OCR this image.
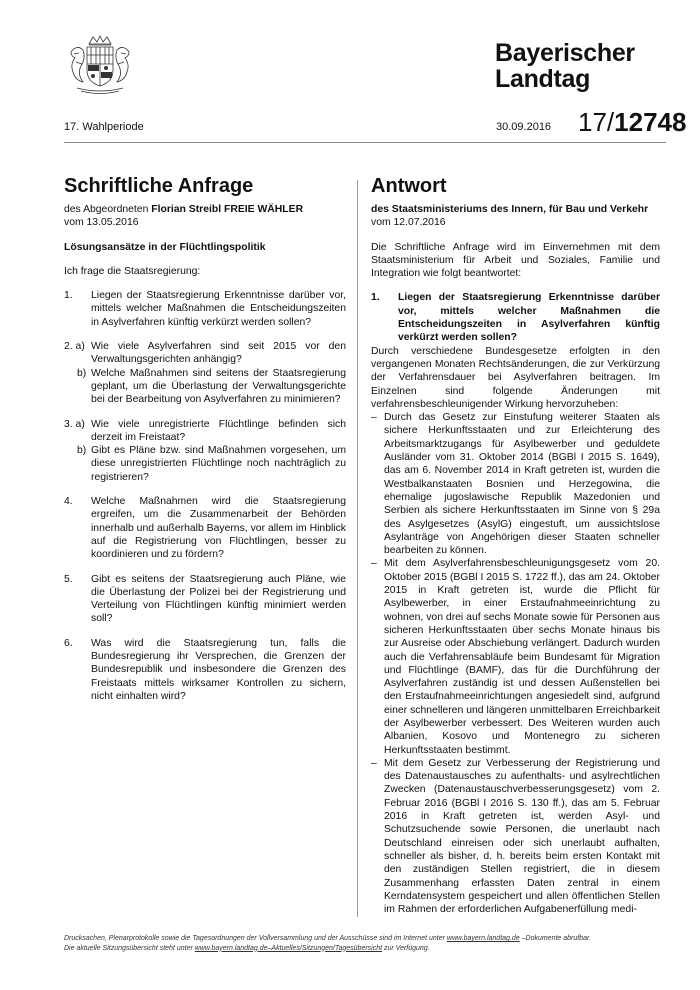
Bayerischer
Landtag
17. Wahlperiode	30.09.2016 17/12748
Schriftliche Anfrage

des Abgeordneten Florian Streibl FREIE WÄHLER

vom 13.05.2016

Lösungsansätze in der Flüchtlingspolitik

Ich frage die Staatsregierung:

1. Liegen der Staatsregierung Erkenntnisse darüber vor, mittels welcher Maßnahmen die Entscheidungszeiten in Asylverfahren künftig verkürzt werden sollen?
2. a) Wie viele Asylverfahren sind seit 2015 vor den Verwaltungsgerichten anhängig?
b) Welche Maßnahmen sind seitens der Staatsregierung geplant, um die Überlastung der Verwaltungsgerichte bei der Bearbeitung von Asylverfahren zu minimieren?
3. a) Wie viele unregistrierte Flüchtlinge befinden sich derzeit im Freistaat?
b) Gibt es Pläne bzw. sind Maßnahmen vorgesehen, um diese unregistrierten Flüchtlinge noch nachträglich zu registrieren?
4. Welche Maßnahmen wird die Staatsregierung ergreifen, um die Zusammenarbeit der Behörden innerhalb und außerhalb Bayerns, vor allem im Hinblick auf die Registrierung von Flüchtlingen, besser zu koordinieren und zu fördern?
5. Gibt es seitens der Staatsregierung auch Pläne, wie die Überlastung der Polizei bei der Registrierung und Verteilung von Flüchtlingen künftig minimiert werden soll?
6. Was wird die Staatsregierung tun, falls die Bundesregierung ihr Versprechen, die Grenzen der Bundesrepublik und insbesondere die Grenzen des Freistaats mittels wirksamer Kontrollen zu sichern, nicht einhalten wird?
Antwort

des Staatsministeriums des Innern, für Bau und Verkehr

vom 12.07.2016

Die Schriftliche Anfrage wird im Einvernehmen mit dem Staatsministerium für Arbeit und Soziales, Familie und Integration wie folgt beantwortet:

1. Liegen der Staatsregierung Erkenntnisse darüber vor, mittels welcher Maßnahmen die Entscheidungszeiten in Asylverfahren künftig verkürzt werden sollen?

Durch verschiedene Bundesgesetze erfolgten in den vergangenen Monaten Rechtsänderungen, die zur Verkürzung der Verfahrensdauer bei Asylverfahren beitragen. Im Einzelnen sind folgende Änderungen mit verfahrensbeschleunigender Wirkung hervorzuheben:

– Durch das Gesetz zur Einstufung weiterer Staaten als sichere Herkunftsstaaten und zur Erleichterung des Arbeitsmarktzugangs für Asylbewerber und geduldete Ausländer vom 31. Oktober 2014 (BGBl I 2015 S. 1649), das am 6. November 2014 in Kraft getreten ist, wurden die Westbalkanstaaten Bosnien und Herzegowina, die ehemalige jugoslawische Republik Mazedonien und Serbien als sichere Herkunftsstaaten im Sinne von § 29a des Asylgesetzes (AsylG) eingestuft, um aussichtslose Asylanträge von Angehörigen dieser Staaten schneller bearbeiten zu können.
– Mit dem Asylverfahrensbeschleunigungsgesetz vom 20. Oktober 2015 (BGBl I 2015 S. 1722 ff.), das am 24. Oktober 2015 in Kraft getreten ist, wurde die Pflicht für Asylbewerber, in einer Erstaufnahmeeinrichtung zu wohnen, von drei auf sechs Monate sowie für Personen aus sicheren Herkunftsstaaten über sechs Monate hinaus bis zur Ausreise oder Abschiebung verlängert. Dadurch wurden auch die Verfahrensabläufe beim Bundesamt für Migration und Flüchtlinge (BAMF), das für die Durchführung der Asylverfahren zuständig ist und dessen Außenstellen bei den Erstaufnahmeeinrichtungen angesiedelt sind, aufgrund einer schnelleren und längeren unmittelbaren Erreichbarkeit der Asylbewerber verbessert. Des Weiteren wurden auch Albanien, Kosovo und Montenegro zu sicheren Herkunftsstaaten bestimmt.
– Mit dem Gesetz zur Verbesserung der Registrierung und des Datenaustausches zu aufenthalts- und asylrechtlichen Zwecken (Datenaustauschverbesserungsgesetz) vom 2. Februar 2016 (BGBl I 2016 S. 130 ff.), das am 5. Februar 2016 in Kraft getreten ist, werden Asyl- und Schutzsuchende sowie Personen, die unerlaubt nach Deutschland einreisen oder sich unerlaubt aufhalten, schneller als bisher, d. h. bereits beim ersten Kontakt mit den zuständigen Stellen registriert, die in diesem Zusammenhang erfassten Daten zentral in einem Kerndatensystem gespeichert und allen öffentlichen Stellen im Rahmen der erforderlichen Aufgabenerfüllung medi-
Drucksachen, Plenarprotokolle sowie die Tagesordnungen der Vollversammlung und der Ausschüsse sind im Internet unter www.bayern.landtag.de –Dokumente abrufbar.
Die aktuelle Sitzungsübersicht steht unter www.bayern.landtag.de–Aktuelles/Sitzungen/Tagesübersicht zur Verfügung.
